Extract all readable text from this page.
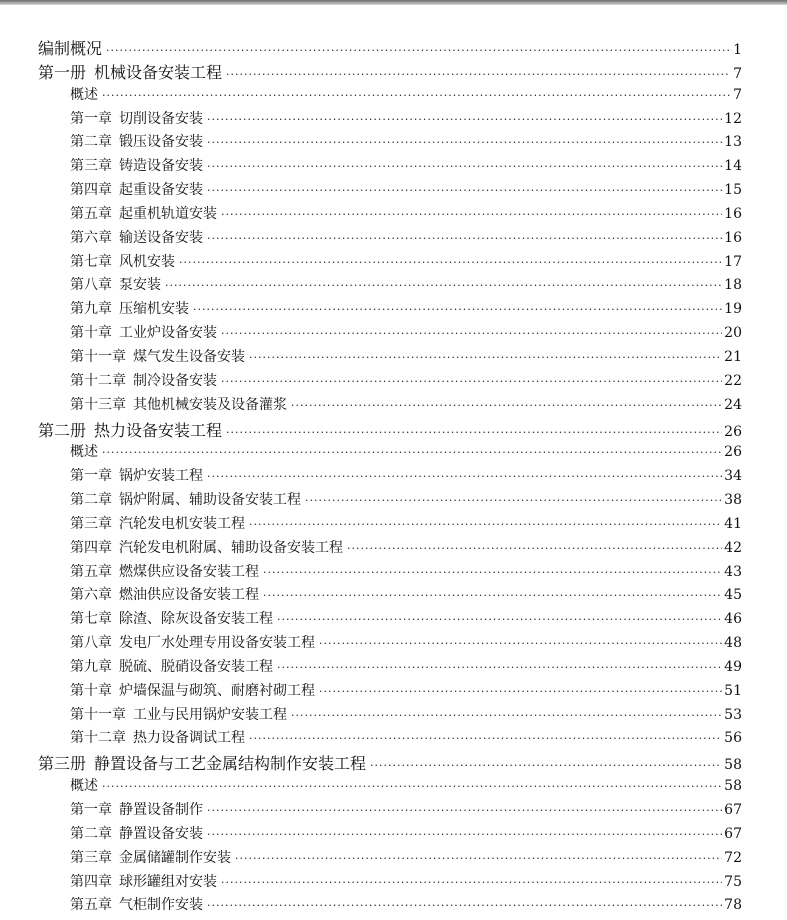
编制概况 ·····	1
第一册 机械设备安装工程 ·····	7
概述 ·····	7
第一章 切削设备安装 ·····	12
第二章 锻压设备安装 ·····	13
第三章 铸造设备安装 ·····	14
第四章 起重设备安装 ·····	15
第五章 起重机轨道安装 ·····	16
第六章 输送设备安装 ·····	16
第七章 风机安装 ·····	17
第八章 泵安装 ·····	18
第九章 压缩机安装 ·····	19
第十章 工业炉设备安装 ·····	20
第十一章 煤气发生设备安装 ·····	21
第十二章 制冷设备安装 ·····	22
第十三章 其他机械安装及设备灌浆 ·····	24
第二册 热力设备安装工程 ·····	26
概述 ·····	26
第一章 锅炉安装工程 ·····	34
第二章 锅炉附属、辅助设备安装工程 ·····	38
第三章 汽轮发电机安装工程 ·····	41
第四章 汽轮发电机附属、辅助设备安装工程 ·····	42
第五章 燃煤供应设备安装工程 ·····	43
第六章 燃油供应设备安装工程 ·····	45
第七章 除渣、除灰设备安装工程 ·····	46
第八章 发电厂水处理专用设备安装工程 ·····	48
第九章 脱硫、脱硝设备安装工程 ·····	49
第十章 炉墙保温与砌筑、耐磨衬砌工程 ·····	51
第十一章 工业与民用锅炉安装工程 ·····	53
第十二章 热力设备调试工程 ·····	56
第三册 静置设备与工艺金属结构制作安装工程 ·····	58
概述 ·····	58
第一章 静置设备制作 ·····	67
第二章 静置设备安装 ·····	67
第三章 金属储罐制作安装 ·····	72
第四章 球形罐组对安装 ·····	75
第五章 气柜制作安装 ·····	78
